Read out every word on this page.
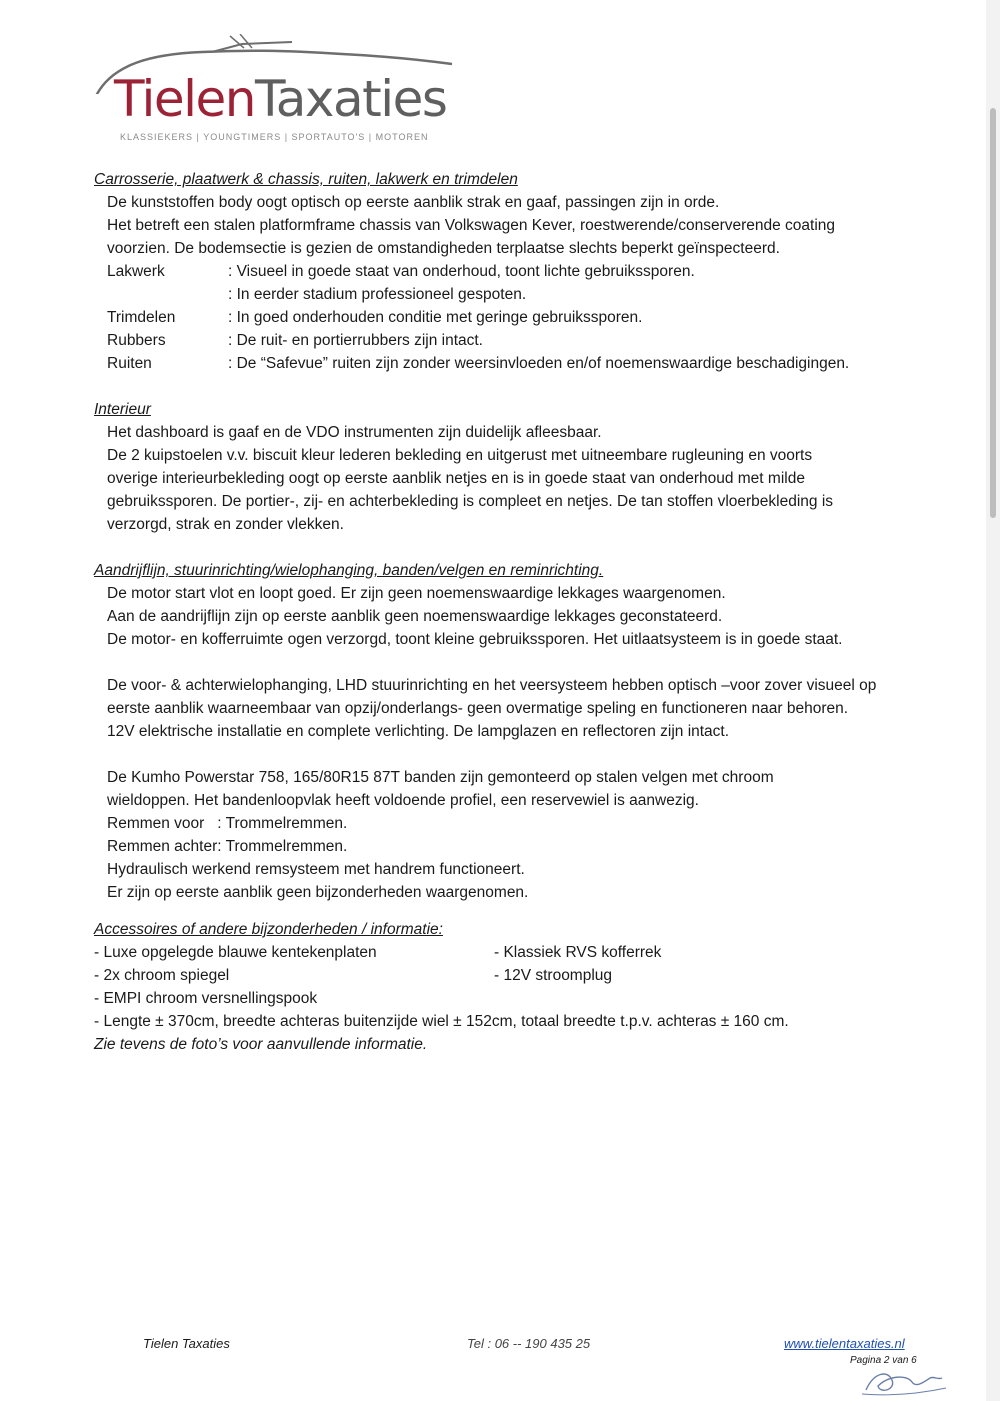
TielenTaxaties
KLASSIEKERS | YOUNGTIMERS | SPORTAUTO'S | MOTOREN
Carrosserie, plaatwerk & chassis, ruiten, lakwerk en trimdelen
De kunststoffen body oogt optisch op eerste aanblik strak en gaaf, passingen zijn in orde.
Het betreft een stalen platformframe chassis van Volkswagen Kever, roestwerende/conserverende coating
voorzien. De bodemsectie is gezien de omstandigheden terplaatse slechts beperkt geïnspecteerd.
Lakwerk	: Visueel in goede staat van onderhoud, toont lichte gebruikssporen.
: In eerder stadium professioneel gespoten.
Trimdelen	: In goed onderhouden conditie met geringe gebruikssporen.
Rubbers	: De ruit- en portierrubbers zijn intact.
Ruiten	: De “Safevue” ruiten zijn zonder weersinvloeden en/of noemenswaardige beschadigingen.
Interieur
Het dashboard is gaaf en de VDO instrumenten zijn duidelijk afleesbaar.
De 2 kuipstoelen v.v. biscuit kleur lederen bekleding en uitgerust met uitneembare rugleuning en voorts
overige interieurbekleding oogt op eerste aanblik netjes en is in goede staat van onderhoud met milde
gebruikssporen. De portier-, zij- en achterbekleding is compleet en netjes. De tan stoffen vloerbekleding is
verzorgd, strak en zonder vlekken.
Aandrijflijn, stuurinrichting/wielophanging, banden/velgen en reminrichting.
De motor start vlot en loopt goed. Er zijn geen noemenswaardige lekkages waargenomen.
Aan de aandrijflijn zijn op eerste aanblik geen noemenswaardige lekkages geconstateerd.
De motor- en kofferruimte ogen verzorgd, toont kleine gebruikssporen. Het uitlaatsysteem is in goede staat.
De voor- & achterwielophanging, LHD stuurinrichting en het veersysteem hebben optisch –voor zover visueel op
eerste aanblik waarneembaar van opzij/onderlangs- geen overmatige speling en functioneren naar behoren.
12V elektrische installatie en complete verlichting. De lampglazen en reflectoren zijn intact.
De Kumho Powerstar 758, 165/80R15 87T banden zijn gemonteerd op stalen velgen met chroom
wieldoppen. Het bandenloopvlak heeft voldoende profiel, een reservewiel is aanwezig.
Remmen voor   : Trommelremmen.
Remmen achter: Trommelremmen.
Hydraulisch werkend remsysteem met handrem functioneert.
Er zijn op eerste aanblik geen bijzonderheden waargenomen.
Accessoires of andere bijzonderheden / informatie:
- Luxe opgelegde blauwe kentekenplaten	- Klassiek RVS kofferrek
- 2x chroom spiegel	- 12V stroomplug
- EMPI chroom versnellingspook
- Lengte ± 370cm, breedte achteras buitenzijde wiel ± 152cm, totaal breedte t.p.v. achteras ± 160 cm.
Zie tevens de foto’s voor aanvullende informatie.
Tielen Taxaties	Tel : 06 -- 190 435 25	www.tielentaxaties.nl
Pagina 2 van 6
